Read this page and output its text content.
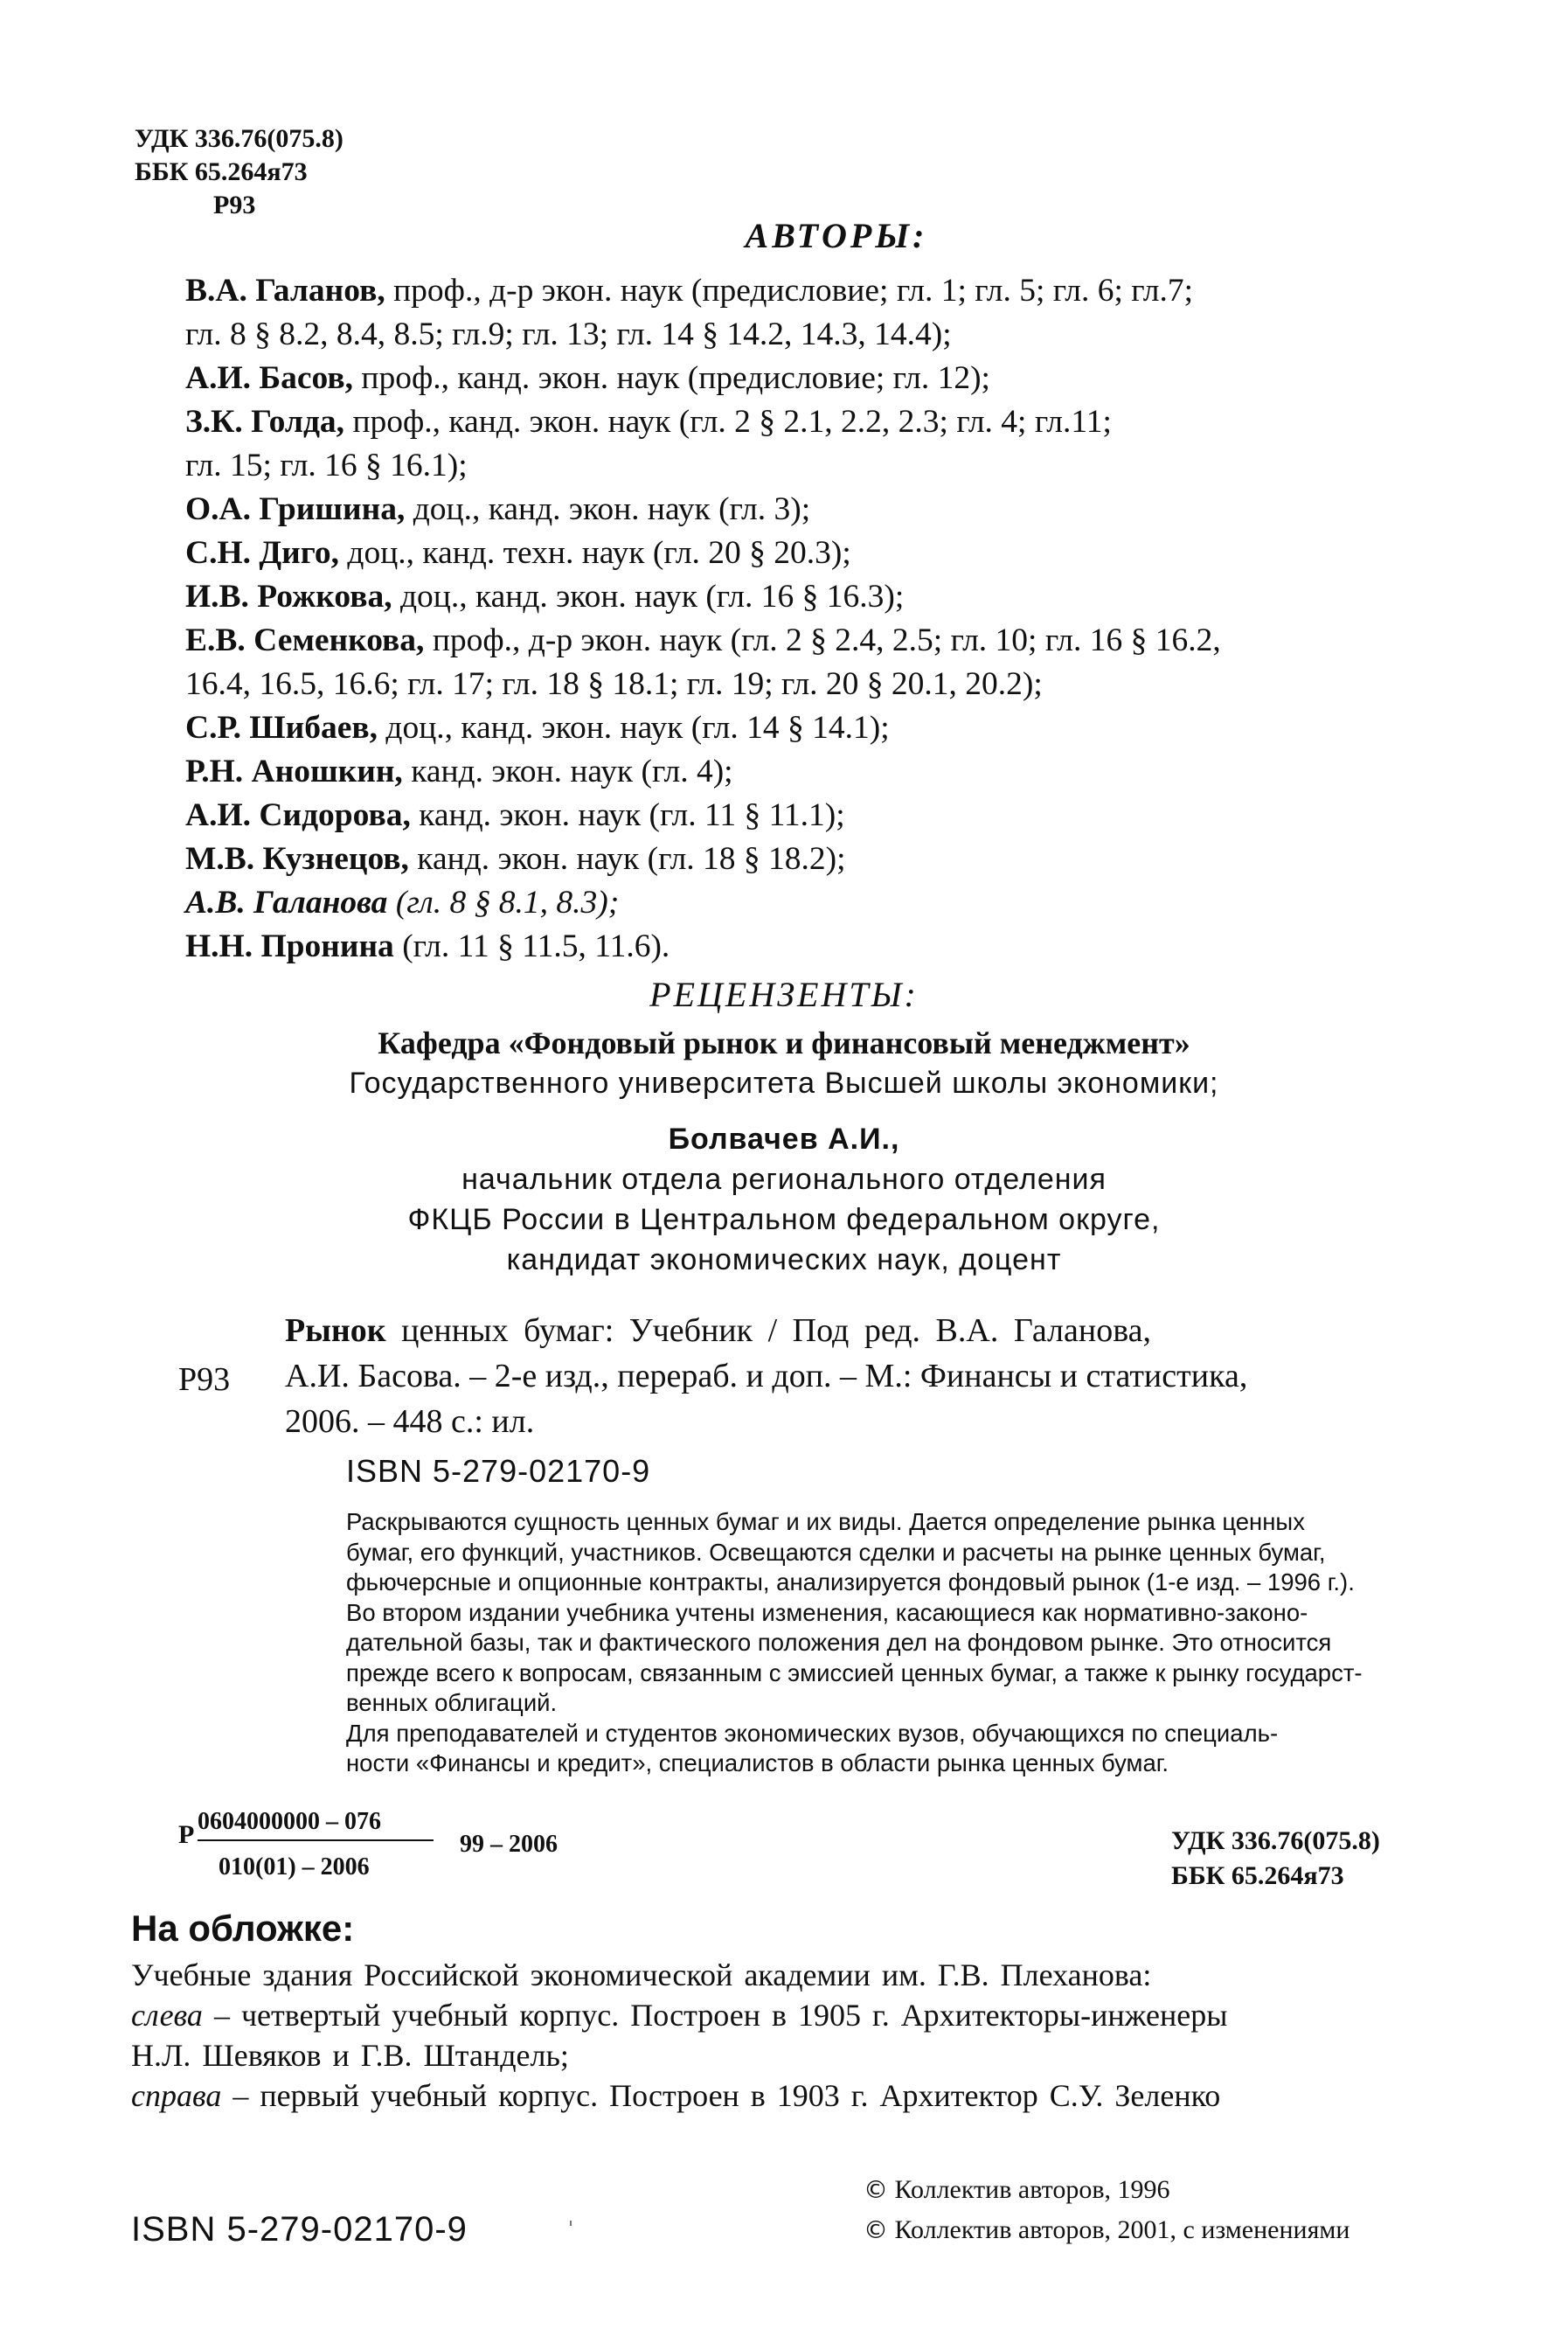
УДК 336.76(075.8)
ББК 65.264я73
Р93
АВТОРЫ:
В.А. Галанов, проф., д-р экон. наук (предисловие; гл. 1; гл. 5; гл. 6; гл.7;
гл. 8 § 8.2, 8.4, 8.5; гл.9; гл. 13; гл. 14 § 14.2, 14.3, 14.4);
А.И. Басов, проф., канд. экон. наук (предисловие; гл. 12);
З.К. Голда, проф., канд. экон. наук (гл. 2 § 2.1, 2.2, 2.3; гл. 4; гл.11;
гл. 15; гл. 16 § 16.1);
О.А. Гришина, доц., канд. экон. наук (гл. 3);
С.Н. Диго, доц., канд. техн. наук (гл. 20 § 20.3);
И.В. Рожкова, доц., канд. экон. наук (гл. 16 § 16.3);
Е.В. Семенкова, проф., д-р экон. наук (гл. 2 § 2.4, 2.5; гл. 10; гл. 16 § 16.2,
16.4, 16.5, 16.6; гл. 17; гл. 18 § 18.1; гл. 19; гл. 20 § 20.1, 20.2);
С.Р. Шибаев, доц., канд. экон. наук (гл. 14 § 14.1);
Р.Н. Аношкин, канд. экон. наук (гл. 4);
А.И. Сидорова, канд. экон. наук (гл. 11 § 11.1);
М.В. Кузнецов, канд. экон. наук (гл. 18 § 18.2);
А.В. Галанова (гл. 8 § 8.1, 8.3);
Н.Н. Пронина (гл. 11 § 11.5, 11.6).
РЕЦЕНЗЕНТЫ:
Кафедра «Фондовый рынок и финансовый менеджмент»
Государственного университета Высшей школы экономики;
Болвачев А.И.,
начальник отдела регионального отделения
ФКЦБ России в Центральном федеральном округе,
кандидат экономических наук, доцент
Р93
Рынок ценных бумаг: Учебник / Под ред. В.А. Галанова,
А.И. Басова. – 2-е изд., перераб. и доп. – М.: Финансы и статистика,
2006. – 448 с.: ил.
ISBN 5-279-02170-9
Раскрываются сущность ценных бумаг и их виды. Дается определение рынка ценных
бумаг, его функций, участников. Освещаются сделки и расчеты на рынке ценных бумаг,
фьючерсные и опционные контракты, анализируется фондовый рынок (1-е изд. – 1996 г.).
Во втором издании учебника учтены изменения, касающиеся как нормативно-законо-
дательной базы, так и фактического положения дел на фондовом рынке. Это относится
прежде всего к вопросам, связанным с эмиссией ценных бумаг, а также к рынку государст-
венных облигаций.
Для преподавателей и студентов экономических вузов, обучающихся по специаль-
ности «Финансы и кредит», специалистов в области рынка ценных бумаг.
Р 0604000000 – 076
010(01) – 2006
99 – 2006	УДК 336.76(075.8)
ББК 65.264я73
На обложке:
Учебные здания Российской экономической академии им. Г.В. Плеханова:
слева – четвертый учебный корпус. Построен в 1905 г. Архитекторы-инженеры
Н.Л. Шевяков и Г.В. Штандель;
справа – первый учебный корпус. Построен в 1903 г. Архитектор С.У. Зеленко
ISBN 5-279-02170-9
© Коллектив авторов, 1996
© Коллектив авторов, 2001, с изменениями
